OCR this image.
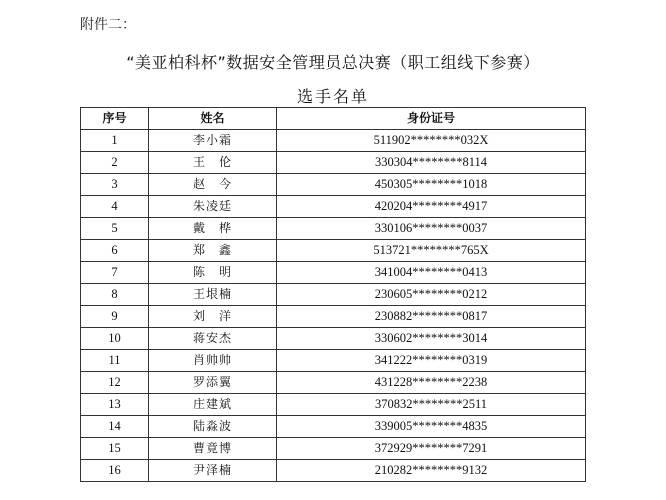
附件二：
“美亚柏科杯”数据安全管理员总决赛（职工组线下参赛）
选手名单
序号	姓名	身份证号
1	李小霜	511902********032X
2	王　伦	330304********8114
3	赵　今	450305********1018
4	朱凌廷	420204********4917
5	戴　桦	330106********0037
6	郑　鑫	513721********765X
7	陈　明	341004********0413
8	王垠楠	230605********0212
9	刘　洋	230882********0817
10	蒋安杰	330602********3014
11	肖帅帅	341222********0319
12	罗添翼	431228********2238
13	庄建斌	370832********2511
14	陆淼波	339005********4835
15	曹竟博	372929********7291
16	尹泽楠	210282********9132
